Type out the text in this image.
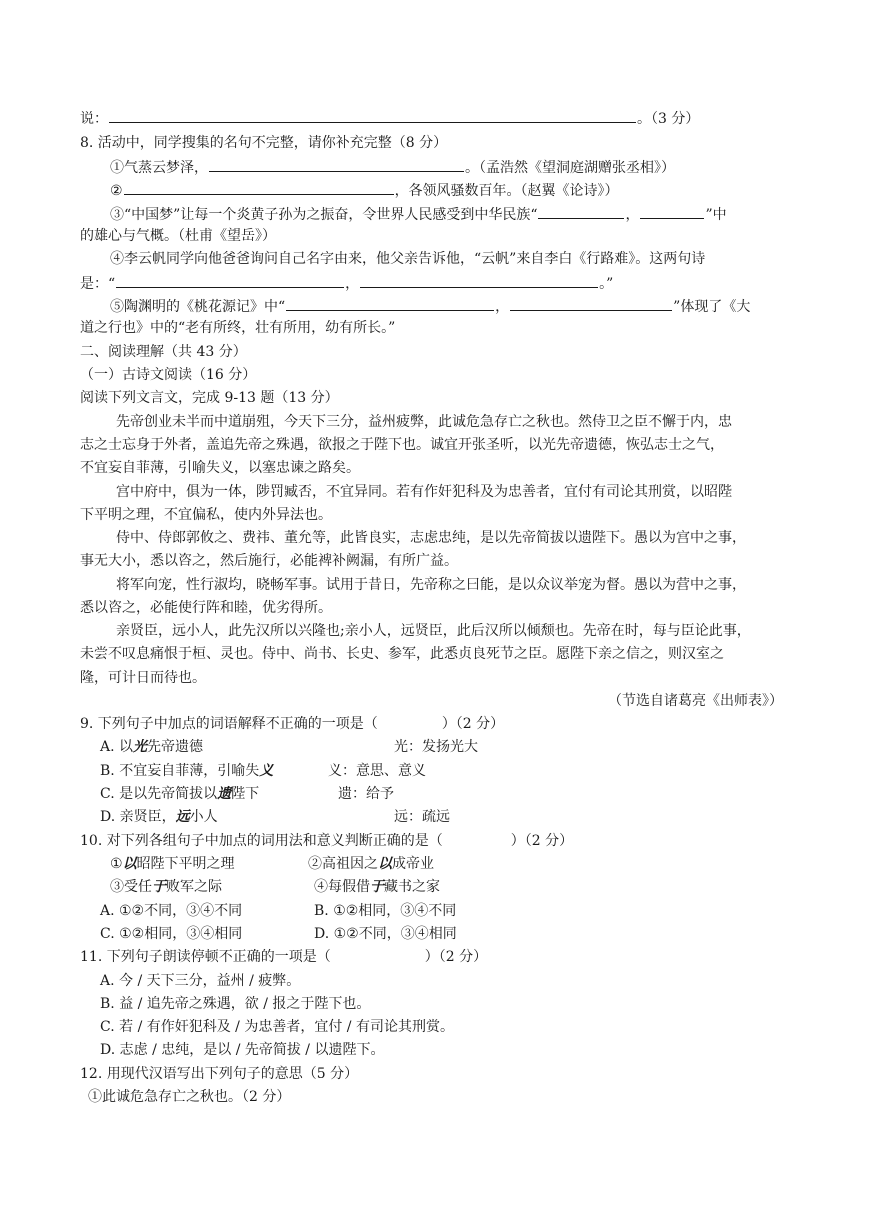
说：	。（3 分）
8. 活动中，同学搜集的名句不完整，请你补充完整（8 分）
①气蒸云梦泽，	。（孟浩然《望洞庭湖赠张丞相》）
②	，各领风骚数百年。（赵翼《论诗》）
③“中国梦”让每一个炎黄子孙为之振奋，令世界人民感受到中华民族“	，	”中
的雄心与气概。（杜甫《望岳》）
④李云帆同学向他爸爸询问自己名字由来，他父亲告诉他，“云帆”来自李白《行路难》。这两句诗
是：“	，	。”
⑤陶渊明的《桃花源记》中“	，	”体现了《大
道之行也》中的“老有所终，壮有所用，幼有所长。”
二、阅读理解（共 43 分）
（一）古诗文阅读（16 分）
阅读下列文言文，完成 9-13 题（13 分）
先帝创业未半而中道崩殂，今天下三分，益州疲弊，此诚危急存亡之秋也。然侍卫之臣不懈于内，忠
志之士忘身于外者，盖追先帝之殊遇，欲报之于陛下也。诚宜开张圣听，以光先帝遗德，恢弘志士之气，
不宜妄自菲薄，引喻失义，以塞忠谏之路矣。
宫中府中，俱为一体，陟罚臧否，不宜异同。若有作奸犯科及为忠善者，宜付有司论其刑赏，以昭陛
下平明之理，不宜偏私，使内外异法也。
侍中、侍郎郭攸之、费祎、董允等，此皆良实，志虑忠纯，是以先帝简拔以遗陛下。愚以为宫中之事，
事无大小，悉以咨之，然后施行，必能裨补阙漏，有所广益。
将军向宠，性行淑均，晓畅军事。试用于昔日，先帝称之曰能，是以众议举宠为督。愚以为营中之事，
悉以咨之，必能使行阵和睦，优劣得所。
亲贤臣，远小人，此先汉所以兴隆也;亲小人，远贤臣，此后汉所以倾颓也。先帝在时，每与臣论此事，
未尝不叹息痛恨于桓、灵也。侍中、尚书、长史、参军，此悉贞良死节之臣。愿陛下亲之信之，则汉室之
隆，可计日而待也。
（节选自诸葛亮《出师表》）
9. 下列句子中加点的词语解释不正确的一项是（	）（2 分）
A. 以光先帝遗德	光：发扬光大
B. 不宜妄自菲薄，引喻失义	义：意思、意义
C. 是以先帝简拔以遗陛下	遗：给予
D. 亲贤臣，远小人	远：疏远
10. 对下列各组句子中加点的词用法和意义判断正确的是（	）（2 分）
①以昭陛下平明之理	②高祖因之以成帝业
③受任于败军之际	④每假借于藏书之家
A. ①②不同，③④不同	B. ①②相同，③④不同
C. ①②相同，③④相同	D. ①②不同，③④相同
11. 下列句子朗读停顿不正确的一项是（	）（2 分）
A. 今 / 天下三分，益州 / 疲弊。
B. 益 / 追先帝之殊遇，欲 / 报之于陛下也。
C. 若 / 有作奸犯科及 / 为忠善者，宜付 / 有司论其刑赏。
D. 志虑 / 忠纯，是以 / 先帝简拔 / 以遗陛下。
12. 用现代汉语写出下列句子的意思（5 分）
①此诚危急存亡之秋也。（2 分）
